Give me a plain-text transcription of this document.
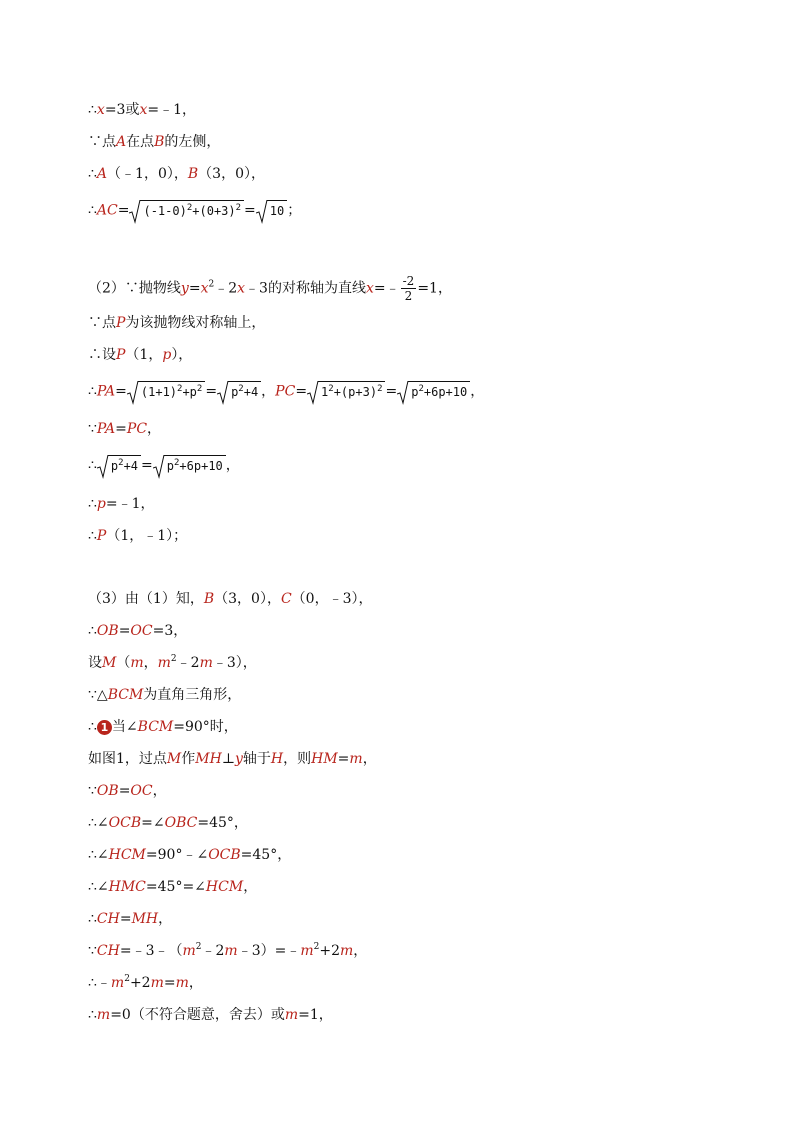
∴x=3或x=﹣1，
∵点A在点B的左侧，
∴A（﹣1，0），B（3，0），
∴AC= $(-1-0)^2+(0+3)^2 = 10$ ；
（2）∵抛物线$y=x^2﹣2x﹣3$的对称轴为直线x=﹣ $\frac{-2}{2} =1$，
∵点P为该抛物线对称轴上，
∴设P（1，p），
∴PA= $(1+1)^2+p^2 = p^2+4$ ，$PC= 1^2+(p+3)^2 = p^2+6p+10$ ，
∵PA=PC，
∴ $p^2+4 = p^2+6p+10$ ，
∴p=﹣1，
∴P（1，﹣1）；
（3）由（1）知，B（3，0），C（0，﹣3），
∴OB=OC=3，
设M（m，$m^2﹣2m﹣3$），
∵△BCM为直角三角形，
∴ 1 当∠BCM=90°时，
如图1，过点M作MH⊥y轴于H，则HM=m，
∵OB=OC，
∴∠OCB=∠OBC=45°，
∴∠HCM=90°﹣∠OCB=45°，
∴∠HMC=45°=∠HCM，
∴CH=MH，
$\because CH=﹣3﹣(m^2﹣2m﹣3)=﹣m^2+2m$，
$\therefore﹣m^2+2m=m$，
∴m=0（不符合题意，舍去）或m=1，
